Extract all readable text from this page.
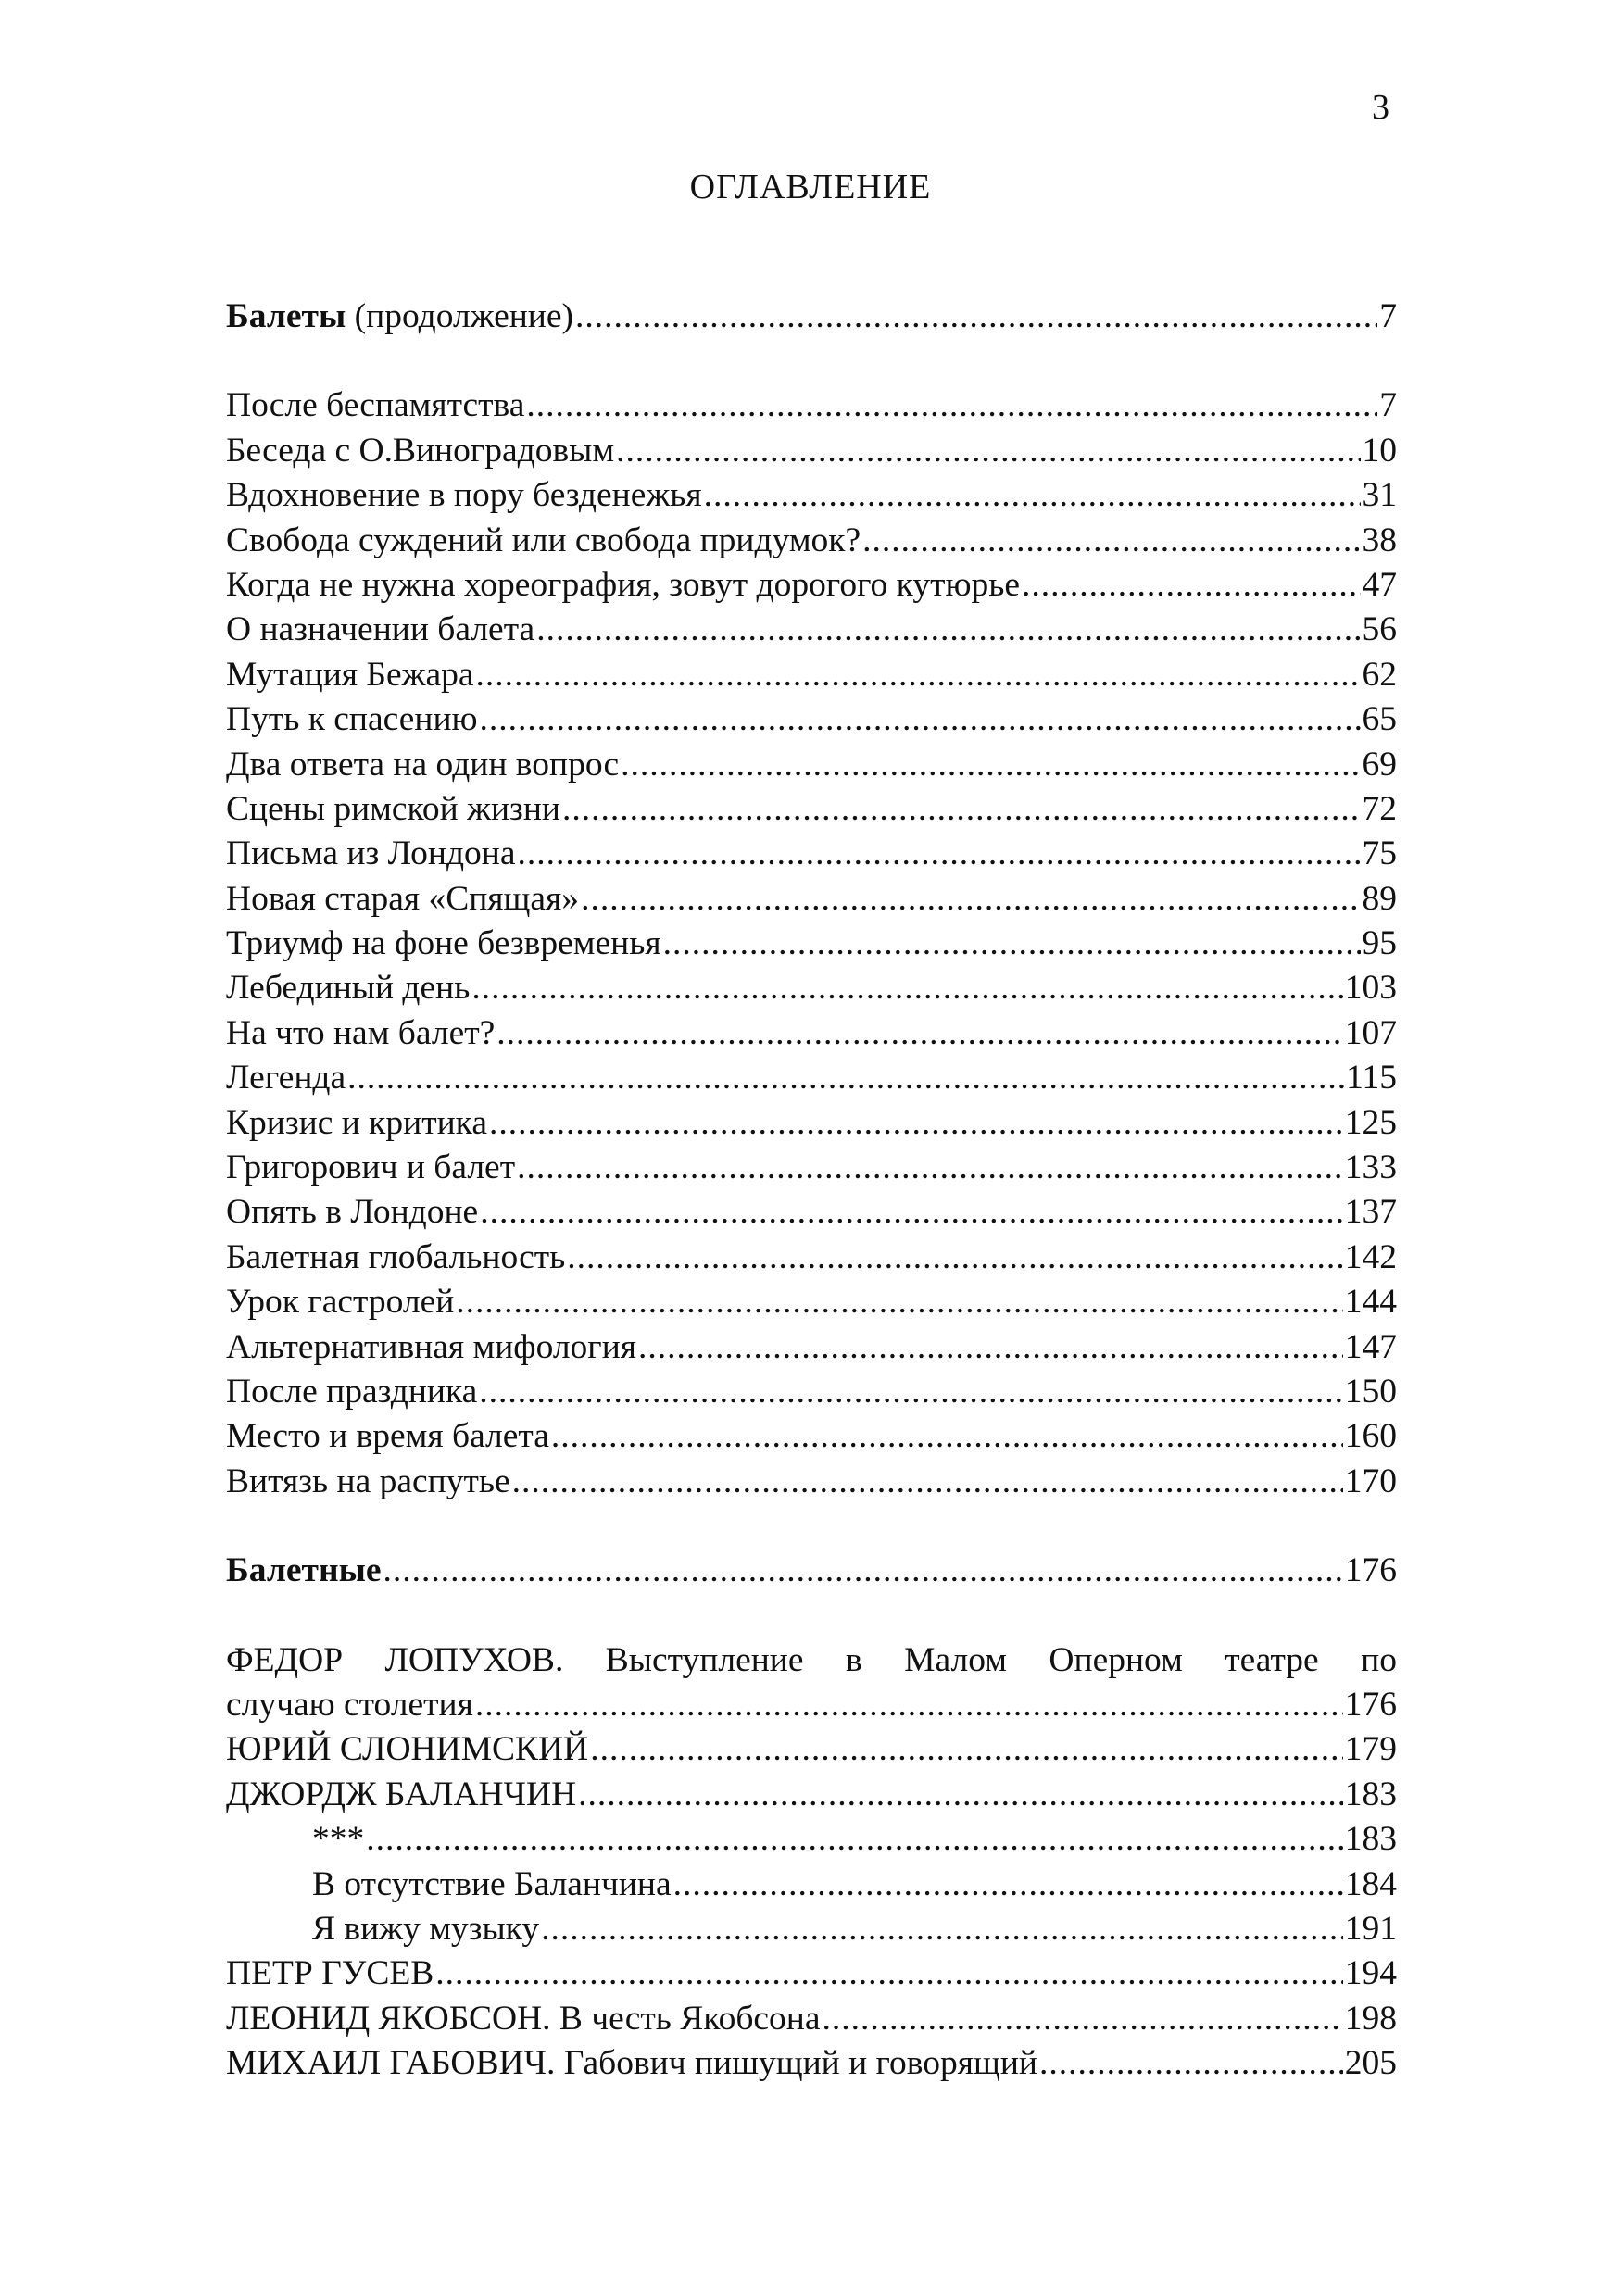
3
ОГЛАВЛЕНИЕ
Балеты (продолжение) .....	7
После беспамятства .....	7
Беседа с О.Виноградовым .....	10
Вдохновение в пору безденежья .....	31
Свобода суждений или свобода придумок? .....	38
Когда не нужна хореография, зовут дорогого кутюрье .....	47
О назначении балета .....	56
Мутация Бежара .....	62
Путь к спасению .....	65
Два ответа на один вопрос .....	69
Сцены римской жизни .....	72
Письма из Лондона .....	75
Новая старая «Спящая» .....	89
Триумф на фоне безвременья .....	95
Лебединый день .....	103
На что нам балет? .....	107
Легенда .....	115
Кризис и критика .....	125
Григорович и балет .....	133
Опять в Лондоне .....	137
Балетная глобальность .....	142
Урок гастролей .....	144
Альтернативная мифология .....	147
После праздника .....	150
Место и время балета .....	160
Витязь на распутье .....	170
Балетные .....	176
ФЕДОР ЛОПУХОВ. Выступление в Малом Оперном театре по
случаю столетия .....	176
ЮРИЙ СЛОНИМСКИЙ .....	179
ДЖОРДЖ БАЛАНЧИН .....	183
*** .....	183
В отсутствие Баланчина .....	184
Я вижу музыку .....	191
ПЕТР ГУСЕВ .....	194
ЛЕОНИД ЯКОБСОН. В честь Якобсона .....	198
МИХАИЛ ГАБОВИЧ. Габович пишущий и говорящий .....	205
